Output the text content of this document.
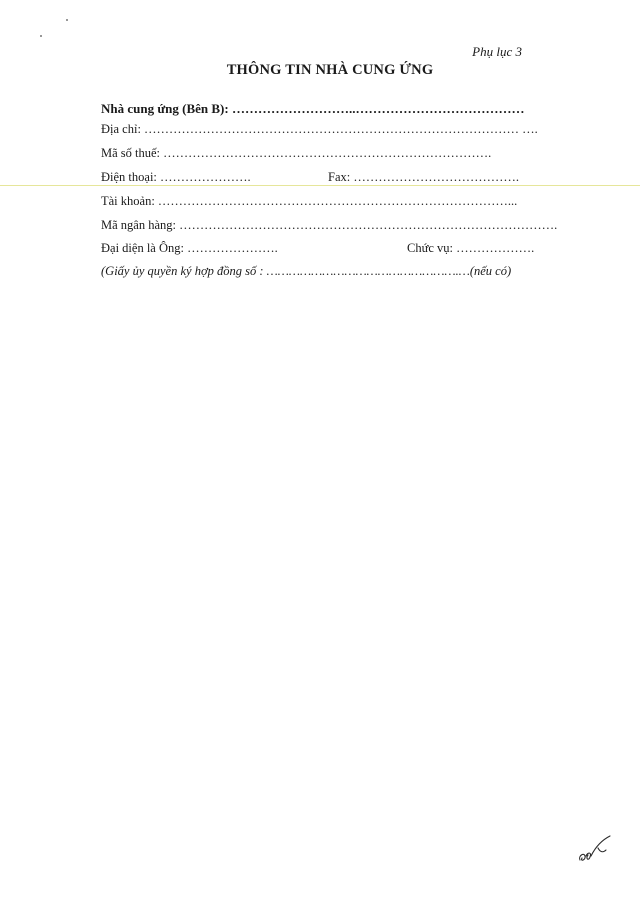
Phụ lục 3
THÔNG TIN NHÀ CUNG ỨNG
Nhà cung ứng (Bên B): ………………………..…………………………………
Địa chỉ: ……………………………………………………………………………… ….
Mã số thuế: …………………………………………………………………….
Điện thoại: ………………….	Fax: ………………………………….
Tài khoản: …………………………………………………………………………...
Mã ngân hàng: ……………………………………………………………………………….
Đại diện là Ông: ………………….	Chức vụ: ……………….
(Giấy ủy quyền ký hợp đồng số : …………………………………………….…(nếu có)
